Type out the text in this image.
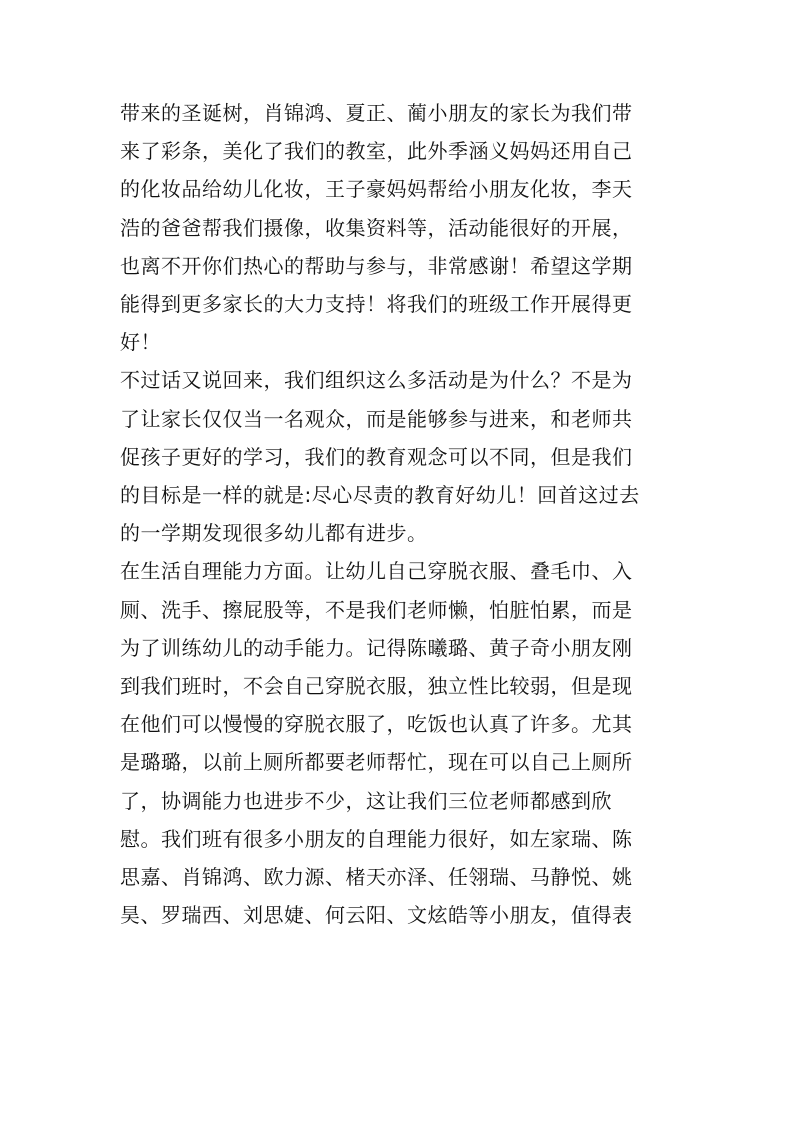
带来的圣诞树，肖锦鸿、夏正、蔺小朋友的家长为我们带
来了彩条，美化了我们的教室，此外季涵义妈妈还用自己
的化妆品给幼儿化妆，王子豪妈妈帮给小朋友化妆，李天
浩的爸爸帮我们摄像，收集资料等，活动能很好的开展，
也离不开你们热心的帮助与参与，非常感谢！希望这学期
能得到更多家长的大力支持！将我们的班级工作开展得更
好！

不过话又说回来，我们组织这么多活动是为什么？不是为
了让家长仅仅当一名观众，而是能够参与进来，和老师共
促孩子更好的学习，我们的教育观念可以不同，但是我们
的目标是一样的就是:尽心尽责的教育好幼儿！回首这过去
的一学期发现很多幼儿都有进步。

在生活自理能力方面。让幼儿自己穿脱衣服、叠毛巾、入
厕、洗手、擦屁股等，不是我们老师懒，怕脏怕累，而是
为了训练幼儿的动手能力。记得陈曦璐、黄子奇小朋友刚
到我们班时，不会自己穿脱衣服，独立性比较弱，但是现
在他们可以慢慢的穿脱衣服了，吃饭也认真了许多。尤其
是璐璐，以前上厕所都要老师帮忙，现在可以自己上厕所
了，协调能力也进步不少，这让我们三位老师都感到欣
慰。我们班有很多小朋友的自理能力很好，如左家瑞、陈
思嘉、肖锦鸿、欧力源、楮天亦泽、任翎瑞、马静悦、姚
昊、罗瑞西、刘思婕、何云阳、文炫皓等小朋友，值得表
